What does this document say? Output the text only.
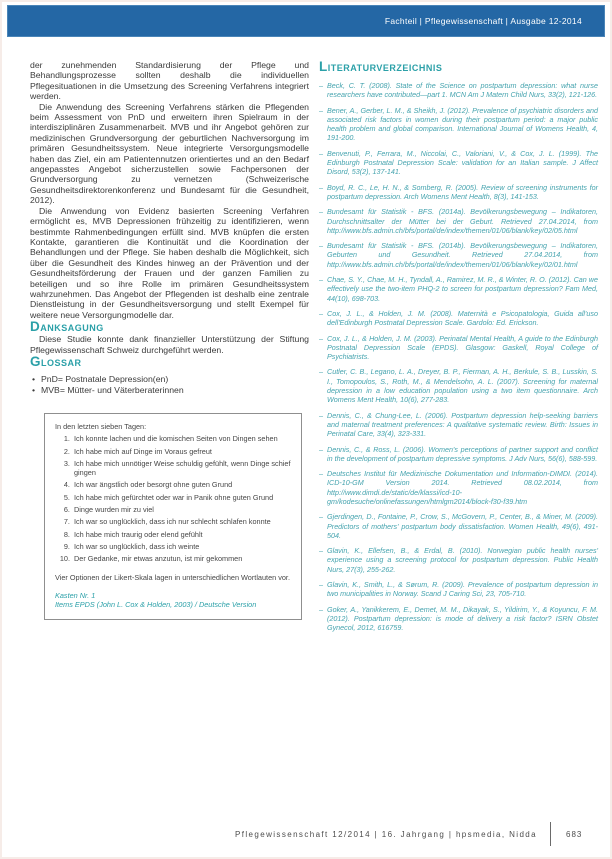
Fachteil | Pflegewissenschaft | Ausgabe 12-2014

der zunehmenden Standardisierung der Pflege und Behandlungsprozesse sollten deshalb die individuellen Pflegesituationen in die Umsetzung des Screening Verfahrens integriert werden.

Die Anwendung des Screening Verfahrens stärken die Pflegenden beim Assessment von PnD und erweitern ihren Spielraum in der interdisziplinären Zusammenarbeit. MVB und ihr Angebot gehören zur medizinischen Grundversorgung der geburtlichen Nachversorgung im primären Gesundheitssystem. Neue integrierte Versorgungsmodelle haben das Ziel, ein am Patientennutzen orientiertes und an den Bedarf angepasstes Angebot sicherzustellen sowie Fachpersonen der Grundversorgung zu vernetzen (Schweizerische Gesundheitsdirektorenkonferenz und Bundesamt für die Gesundheit, 2012).

Die Anwendung von Evidenz basierten Screening Verfahren ermöglicht es, MVB Depressionen frühzeitig zu identifizieren, wenn bestimmte Rahmenbedingungen erfüllt sind. MVB knüpfen die ersten Kontakte, garantieren die Kontinuität und die Koordination der Behandlungen und der Pflege. Sie haben deshalb die Möglichkeit, sich über die Gesundheit des Kindes hinweg an der Prävention und der Gesundheitsförderung der Frauen und der ganzen Familien zu beteiligen und so ihre Rolle im primären Gesundheitssystem wahrzunehmen. Das Angebot der Pflegenden ist deshalb eine zentrale Dienstleistung in der Gesundheitsversorgung und stellt Exempel für weitere neue Versorgungmodelle dar.

Danksagung

Diese Studie konnte dank finanzieller Unterstützung der Stiftung Pflegewissenschaft Schweiz durchgeführt werden.

Glossar
• PnD= Postnatale Depression(en)
• MVB= Mütter- und Väterberaterinnen

In den letzten sieben Tagen:

1. Ich konnte lachen und die komischen Seiten von Dingen sehen
2. Ich habe mich auf Dinge im Voraus gefreut
3. Ich habe mich unnötiger Weise schuldig gefühlt, wenn Dinge schief gingen
4. Ich war ängstlich oder besorgt ohne guten Grund
5. Ich habe mich gefürchtet oder war in Panik ohne guten Grund
6. Dinge wurden mir zu viel
7. Ich war so unglücklich, dass ich nur schlecht schlafen konnte
8. Ich habe mich traurig oder elend gefühlt
9. Ich war so unglücklich, dass ich weinte
10. Der Gedanke, mir etwas anzutun, ist mir gekommen

Vier Optionen der Likert-Skala lagen in unterschiedlichen Wortlauten vor.

Kasten Nr. 1
Items EPDS (John L. Cox & Holden, 2003) / Deutsche Version

Literaturverzeichnis
– Beck, C. T. (2008). State of the Science on postpartum depression: what nurse researchers have contributed—part 1. MCN Am J Matern Child Nurs, 33(2), 121-126.
– Bener, A., Gerber, L. M., & Sheikh, J. (2012). Prevalence of psychiatric disorders and associated risk factors in women during their postpartum period: a major public health problem and global comparison. International Journal of Womens Health, 4, 191-200.
– Benvenuti, P., Ferrara, M., Niccolai, C., Valoriani, V., & Cox, J. L. (1999). The Edinburgh Postnatal Depression Scale: validation for an Italian sample. J Affect Disord, 53(2), 137-141.
– Boyd, R. C., Le, H. N., & Somberg, R. (2005). Review of screening instruments for postpartum depression. Arch Womens Ment Health, 8(3), 141-153.
– Bundesamt für Statistik - BFS. (2014a). Bevölkerungsbewegung – Indikatoren, Durchschnittsalter der Mütter bei der Geburt. Retrieved 27.04.2014, from http://www.bfs.admin.ch/bfs/portal/de/index/themen/01/06/blank/key/02/05.html
– Bundesamt für Statistik - BFS. (2014b). Bevölkerungsbewegung – Indikatoren, Geburten und Gesundheit. Retrieved 27.04.2014, from http://www.bfs.admin.ch/bfs/portal/de/index/themen/01/06/blank/key/02/01.html
– Chae, S. Y., Chae, M. H., Tyndall, A., Ramirez, M. R., & Winter, R. O. (2012). Can we effectively use the two-item PHQ-2 to screen for postpartum depression? Fam Med, 44(10), 698-703.
– Cox, J. L., & Holden, J. M. (2008). Maternità e Psicopatologia, Guida all'uso dell'Edinburgh Postnatal Depression Scale. Gardolo: Ed. Erickson.
– Cox, J. L., & Holden, J. M. (2003). Perinatal Mental Health, A guide to the Edinburgh Postnatal Depression Scale (EPDS). Glasgow: Gaskell, Royal College of Psychiatrists.
– Cutler, C. B., Legano, L. A., Dreyer, B. P., Fierman, A. H., Berkule, S. B., Lusskin, S. I., Tomopoulos, S., Roth, M., & Mendelsohn, A. L. (2007). Screening for maternal depression in a low education population using a two item questionnaire. Arch Womens Ment Health, 10(6), 277-283.
– Dennis, C., & Chung-Lee, L. (2006). Postpartum depression help-seeking barriers and maternal treatment preferences: A qualitative systematic review. Birth: Issues in Perinatal Care, 33(4), 323-331.
– Dennis, C., & Ross, L. (2006). Women's perceptions of partner support and conflict in the development of postpartum depressive symptoms. J Adv Nurs, 56(6), 588-599.
– Deutsches Institut für Medizinische Dokumentation und Information-DIMDI. (2014). ICD-10-GM Version 2014. Retrieved 08.02.2014, from http://www.dimdi.de/static/de/klassi/icd-10-gm/kodesuche/onlinefassungen/htmlgm2014/block-f30-f39.htm
– Gjerdingen, D., Fontaine, P., Crow, S., McGovern, P., Center, B., & Miner, M. (2009). Predictors of mothers' postpartum body dissatisfaction. Women Health, 49(6), 491-504.
– Glavin, K., Ellefsen, B., & Erdal, B. (2010). Norwegian public health nurses' experience using a screening protocol for postpartum depression. Public Health Nurs, 27(3), 255-262.
– Glavin, K., Smith, L., & Sørum, R. (2009). Prevalence of postpartum depression in two municipalities in Norway. Scand J Caring Sci, 23, 705-710.
– Goker, A., Yanikkerem, E., Demet, M. M., Dikayak, S., Yildirim, Y., & Koyuncu, F. M. (2012). Postpartum depression: is mode of delivery a risk factor? ISRN Obstet Gynecol, 2012, 616759.
Pflegewissenschaft 12/2014 | 16. Jahrgang | hpsmedia, Nidda	683
